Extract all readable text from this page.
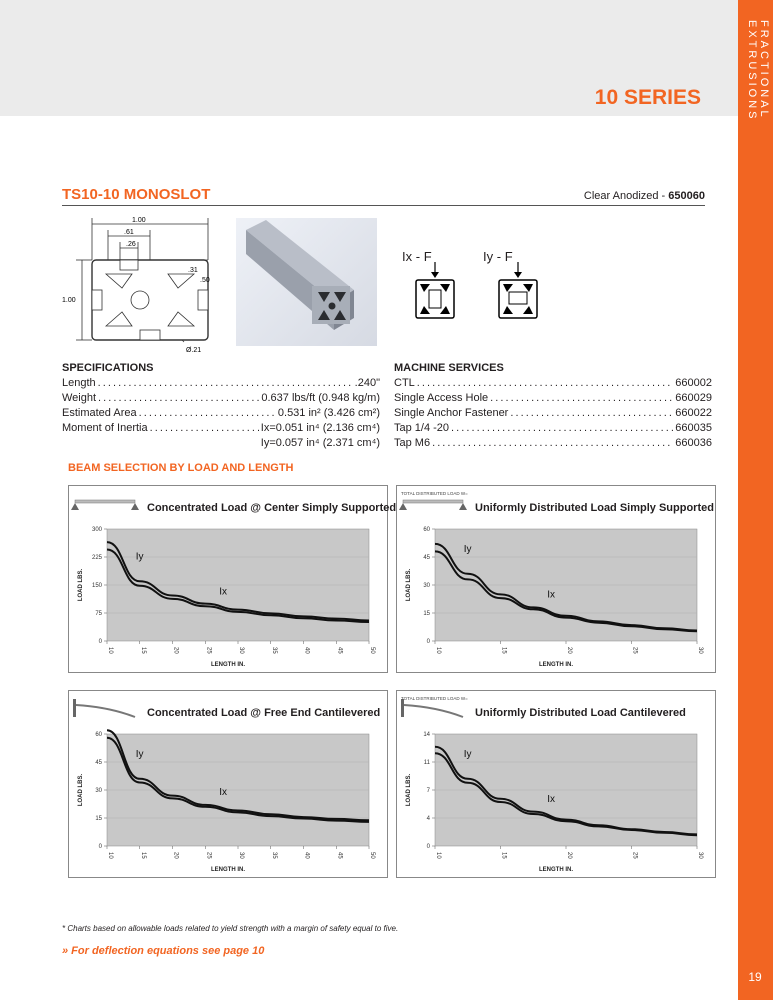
FRACTIONAL EXTRUSIONS
19
10 SERIES
TS10-10 MONOSLOT	Clear Anodized - 650060
1.00
.61
.26
.31
.50
1.00
Ø.21
Ix - F	Iy - F
SPECIFICATIONS
Length . . .	.240"
Weight . . .	0.637 lbs/ft (0.948 kg/m)
Estimated Area . . .	0.531 in² (3.426 cm²)
Moment of Inertia . . .	Ix=0.051 in⁴ (2.136 cm⁴)
Iy=0.057 in⁴ (2.371 cm⁴)
MACHINE SERVICES
CTL . . .	660002
Single Access Hole . . .	660029
Single Anchor Fastener . . .	660022
Tap 1/4 -20 . . .	660035
Tap M6 . . .	660036
BEAM SELECTION BY LOAD AND LENGTH
0
75
150
225
300
10	15	20	25	30	35	40	45	50
LOAD LBS.
LENGTH IN.
Iy
Ix
Concentrated Load @ Center Simply Supported
TOTAL DISTRIBUTED LOAD W=
0
15
30
45
60
10	15	20	25	30
LOAD LBS.
LENGTH IN.
Iy
Ix
Uniformly Distributed Load Simply Supported
0
15
30
45
60
10	15	20	25	30	35	40	45	50
LOAD LBS.
LENGTH IN.
Iy
Ix
Concentrated Load @ Free End Cantilevered
TOTAL DISTRIBUTED LOAD W=
0
4
7
11
14
10	15	20	25	30
LOAD LBS.
LENGTH IN.
Iy
Ix
Uniformly Distributed Load Cantilevered
* Charts based on allowable loads related to yield strength with a margin of safety equal to five.
» For deflection equations see page 10
